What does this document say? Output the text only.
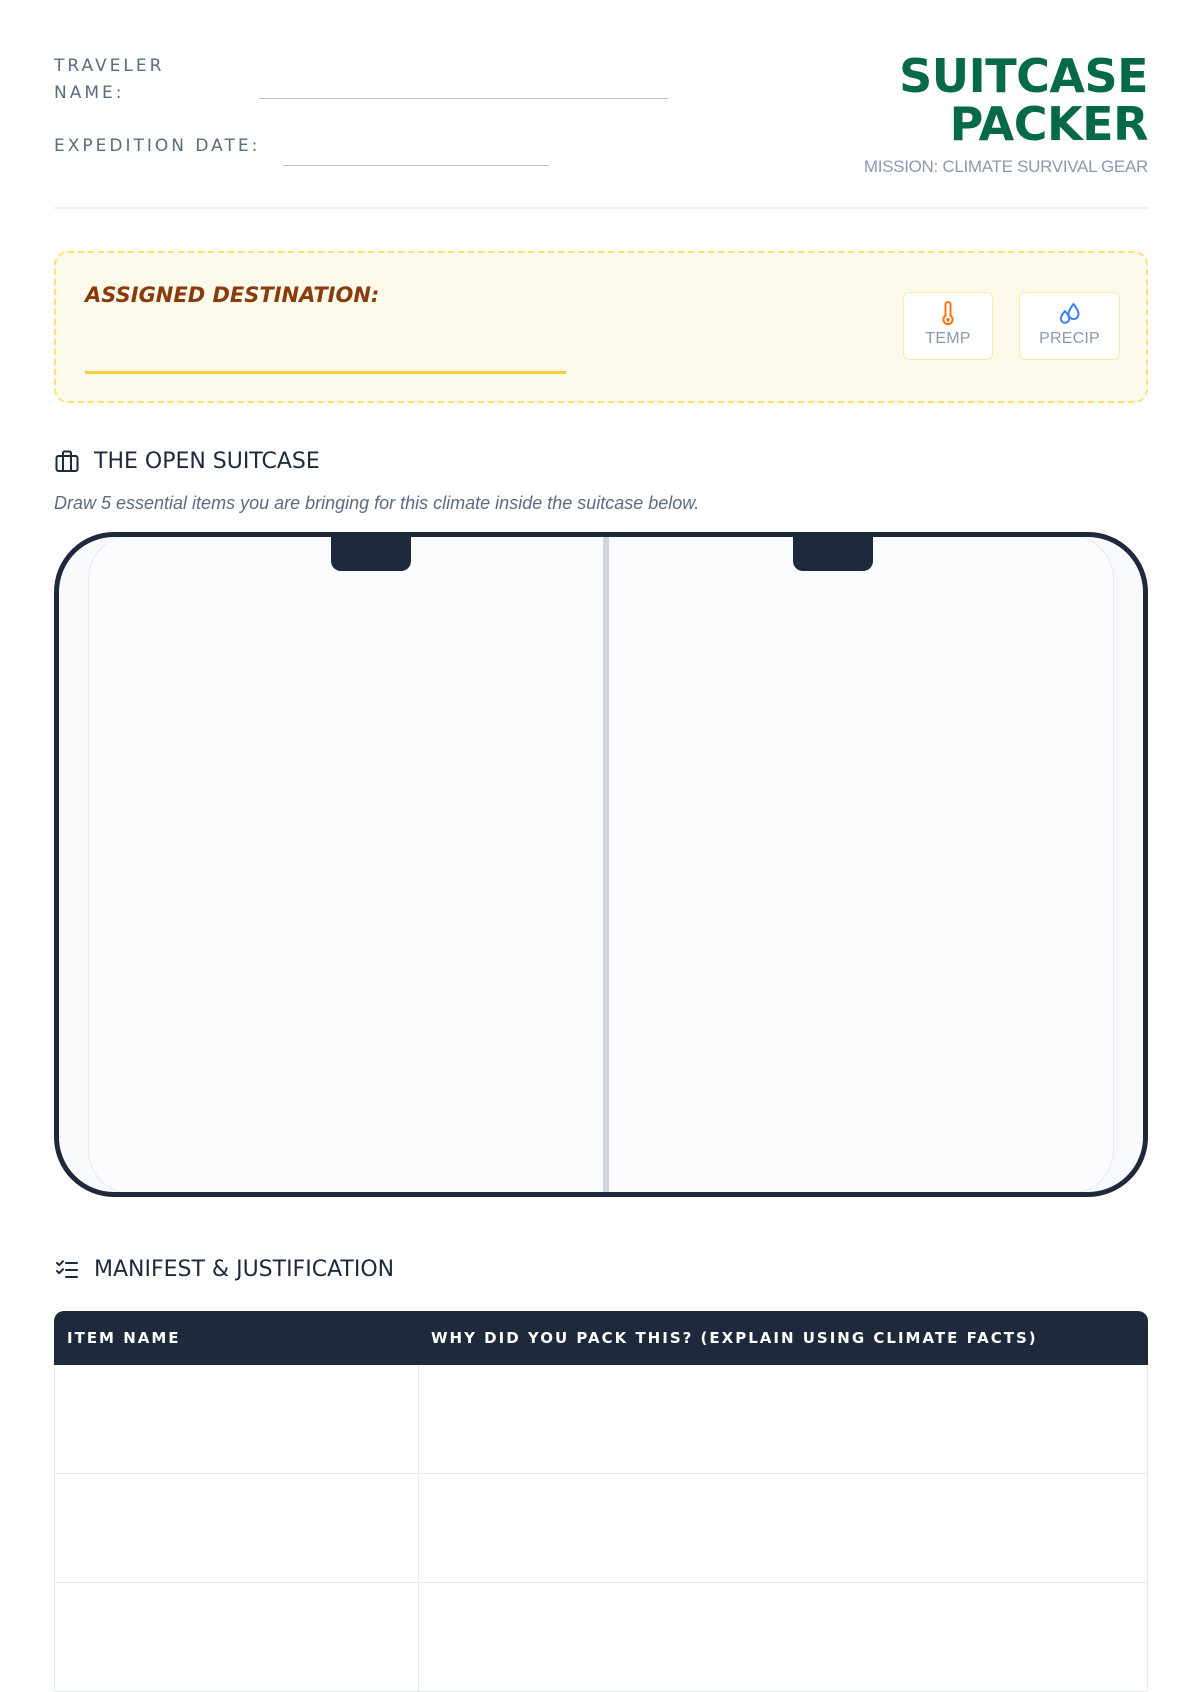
TRAVELER NAME:
EXPEDITION DATE:
SUITCASE
PACKER
MISSION: CLIMATE SURVIVAL GEAR
ASSIGNED DESTINATION:
TEMP	PRECIP
THE OPEN SUITCASE
Draw 5 essential items you are bringing for this climate inside the suitcase below.
MANIFEST & JUSTIFICATION
ITEM NAME	WHY DID YOU PACK THIS? (EXPLAIN USING CLIMATE FACTS)
